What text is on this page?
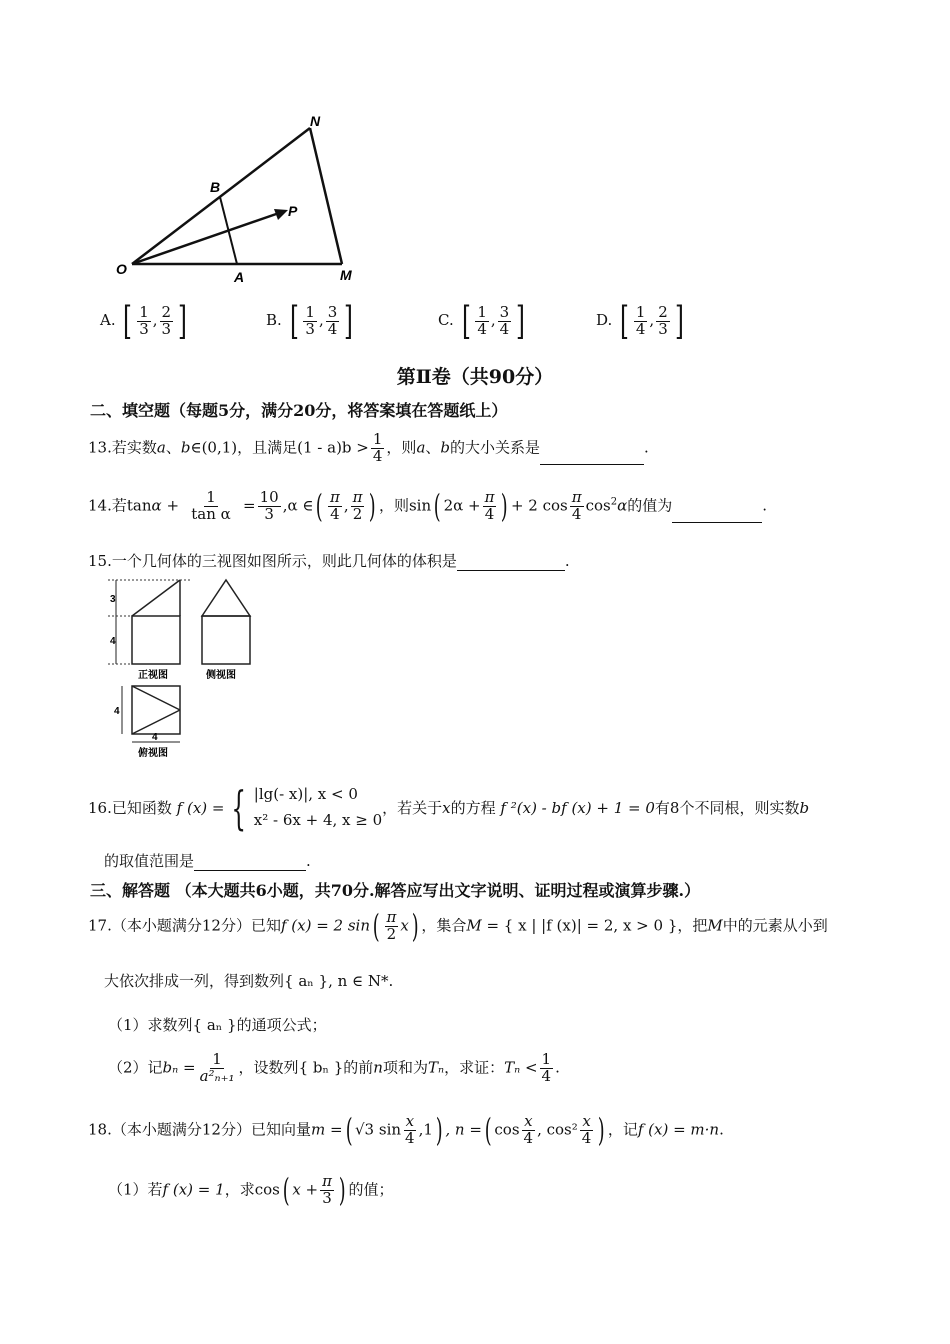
O	A	M
N
B
P
A. [ $\frac{1}{3}$ , $\frac{2}{3}$ ]	B. [ $\frac{1}{3}$ , $\frac{3}{4}$ ]	C. [ $\frac{1}{4}$ , $\frac{3}{4}$ ]	D. [ $\frac{1}{4}$ , $\frac{2}{3}$ ]
第Ⅱ卷（共90分）
二、填空题（每题5分，满分20分，将答案填在答题纸上）
13.若实数a、b∈(0,1)，且满足$(1 - a)b > \frac{1}{4}$ ，则a、b的大小关系是	.
14.若$\tan\alpha + \frac{1}{\text{tan α}} = \frac{10}{3} ,\alpha$ ∈( $\frac{\pi}{4}$ , $\frac{\pi}{2}$ ) ，则sin( $2\alpha + \frac{\pi}{4}$ ) + 2 $\cos \frac{\pi}{4} \cos^2\alpha$的值为	.
15.一个几何体的三视图如图所示，则此几何体的体积是	.
3
4
正视图	侧视图
4
4
俯视图
16. 已知函数
f (x) = { |lg(- x)|, x < 0
x² - 6x + 4, x ≥ 0
，若关于 x 的方程
f ²(x) - bf (x) + 1 = 0 有8个不同根，则实数 b
的取值范围是	.
三、解答题 （本大题共6小题，共70分.解答应写出文字说明、证明过程或演算步骤.）
17.（本小题满分12分）已知f (x) = 2 $\sin( \frac{\pi}{2} x)$ ，集合M = { x | |f (x)| = 2, x > 0 }，把M中的元素从小到
大依次排成一列，得到数列{ aₙ }, n ∈ N*.
（1）求数列{ aₙ }的通项公式；
（2）记$b_n = \frac{1}{\text{a²ₙ₊₁}}$ ，设数列{ bₙ }的前n项和为Tₙ，求证：$T_n < \frac{1}{4}$ .
18.（本小题满分12分）已知向量m =( √3 $\sin \frac{x}{4} ,1$) , n =( $\cos \frac{x}{4}$ , $\cos^2 \frac{x}{4}$ ) ，记f (x) = m·n.
（1）若f (x) = 1，求cos( $x + \frac{\pi}{3}$ ) 的值；
